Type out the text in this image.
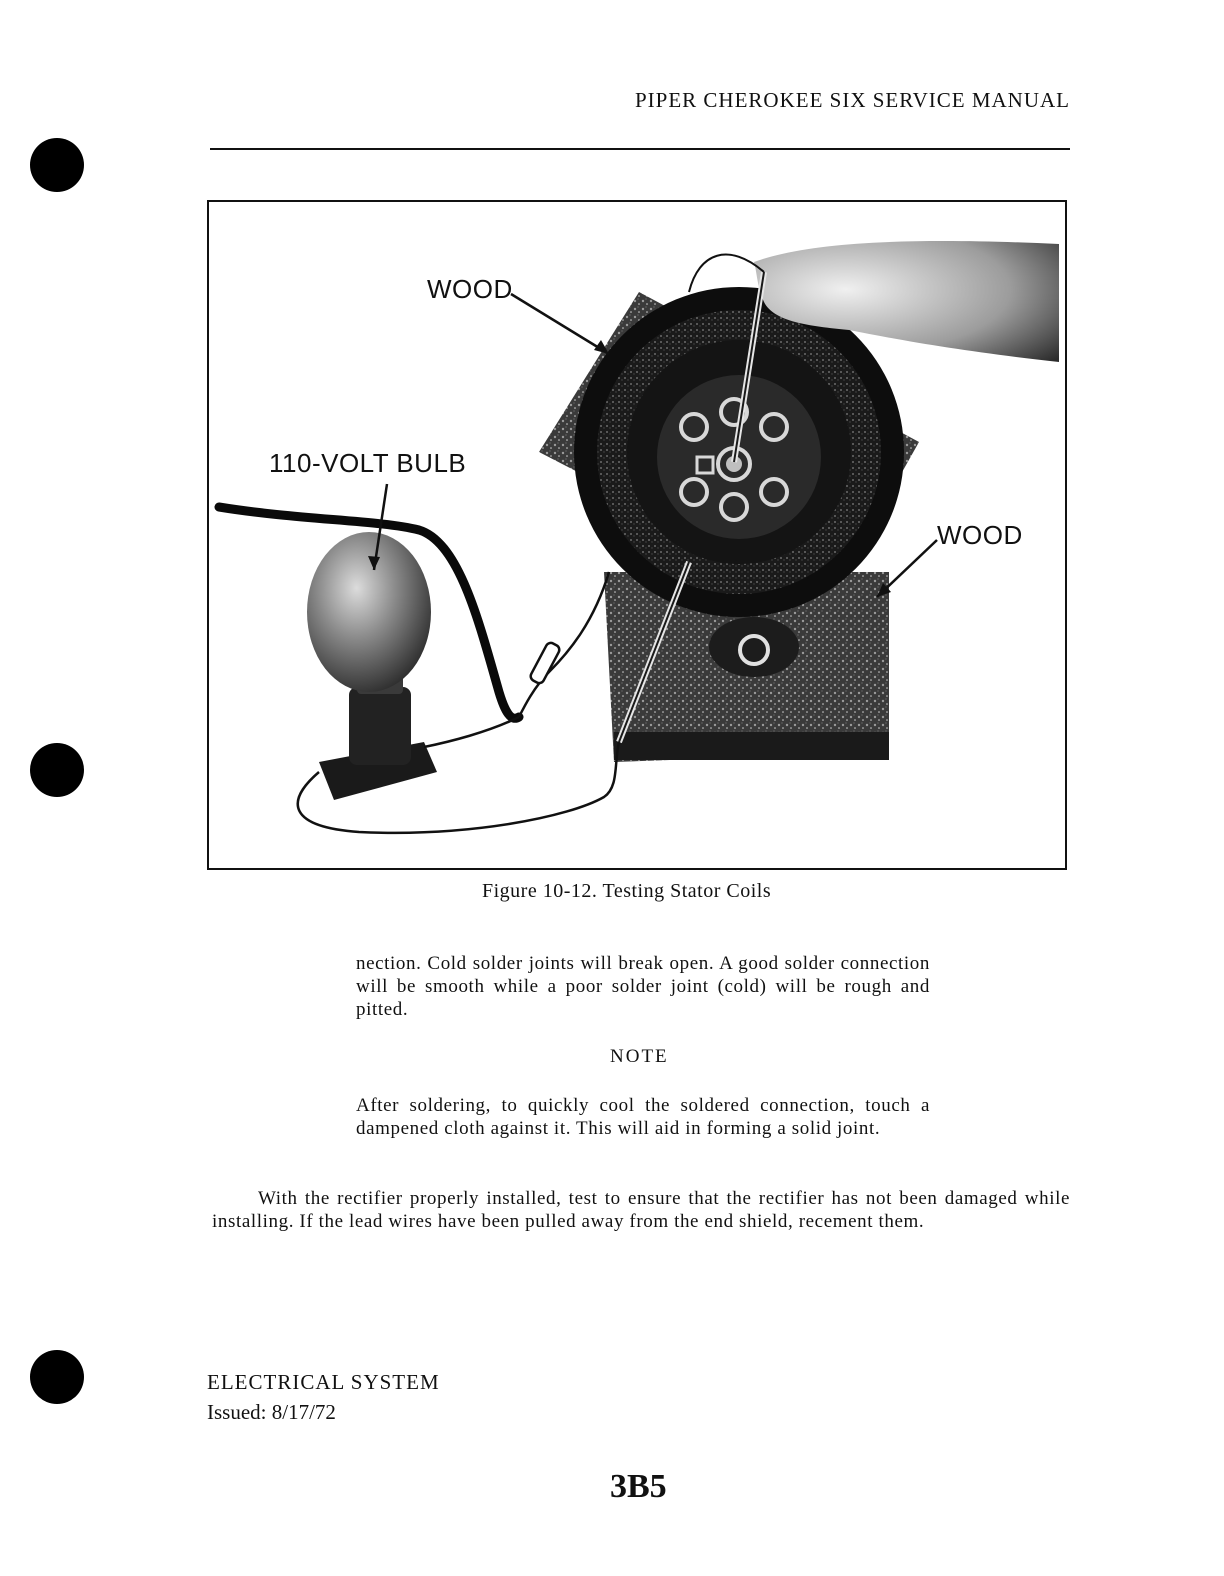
PIPER CHEROKEE SIX SERVICE MANUAL
WOOD
110-VOLT BULB
WOOD
Figure 10-12. Testing Stator Coils
nection. Cold solder joints will break open. A good solder connection will be smooth while a poor solder joint (cold) will be rough and pitted.
NOTE
After soldering, to quickly cool the soldered connection, touch a dampened cloth against it. This will aid in forming a solid joint.
With the rectifier properly installed, test to ensure that the rectifier has not been damaged while installing. If the lead wires have been pulled away from the end shield, recement them.
ELECTRICAL SYSTEM
Issued: 8/17/72
3B5
